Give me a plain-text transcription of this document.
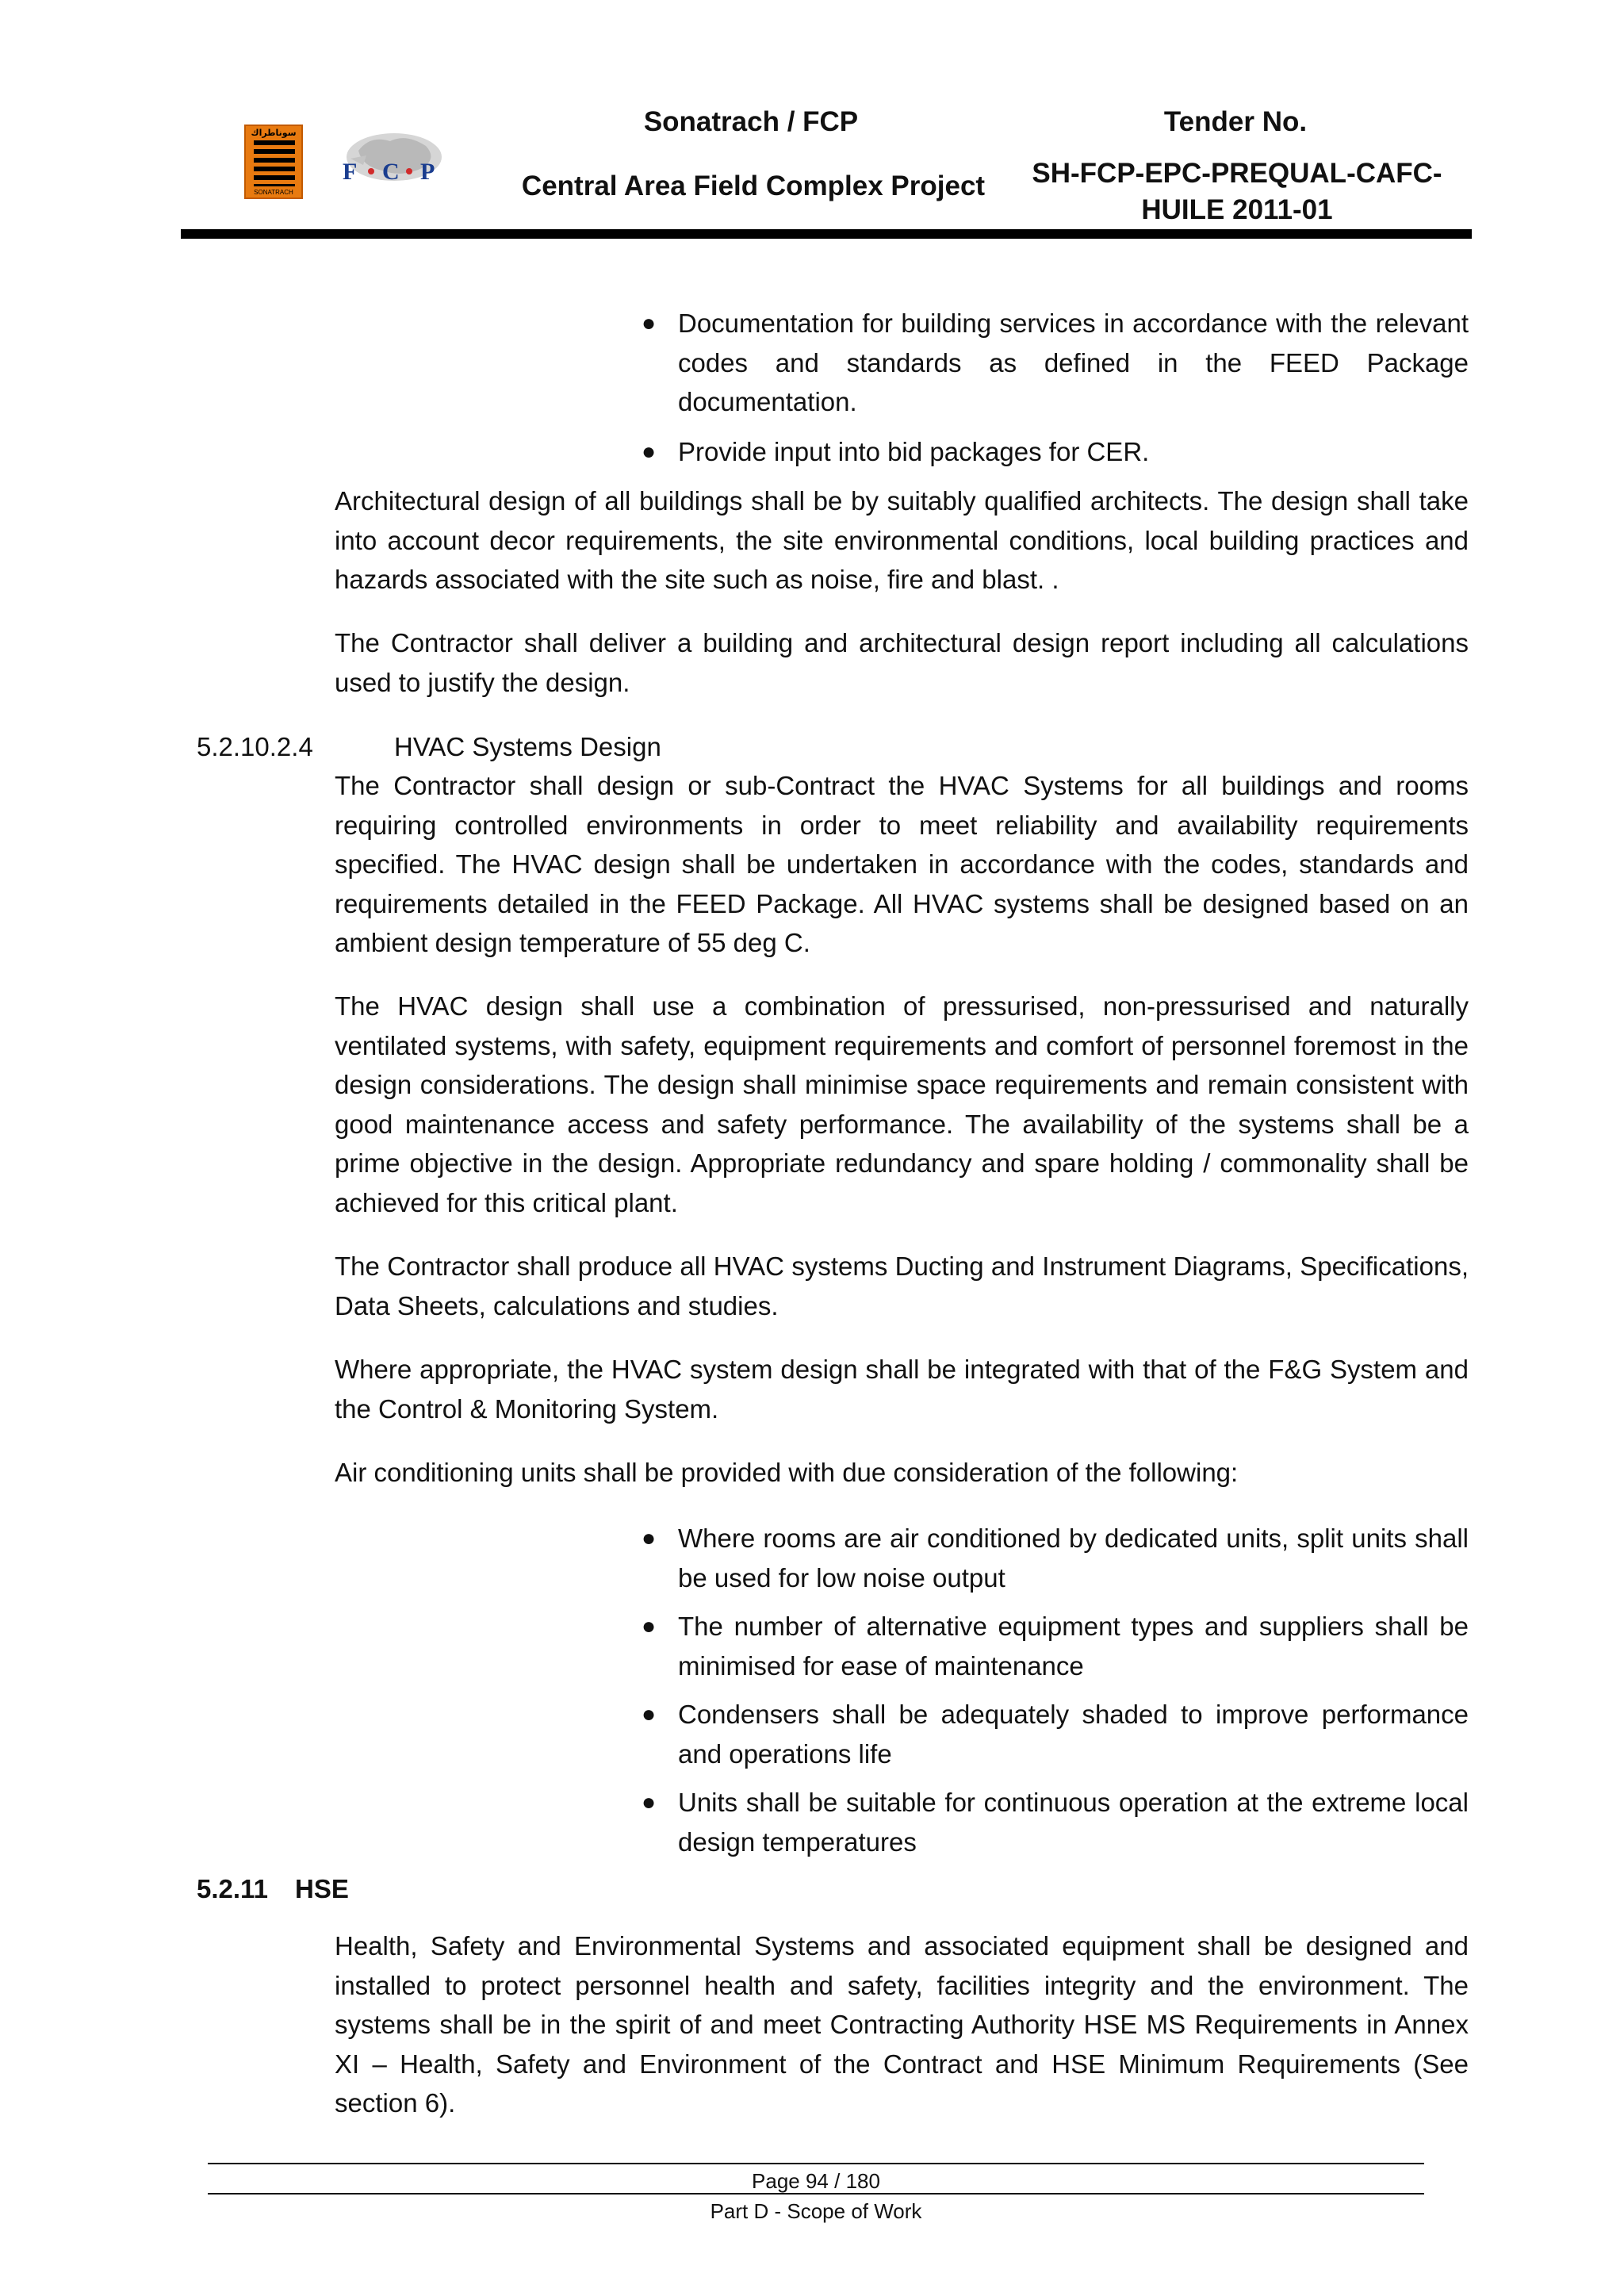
سوناطراك
SONATRACH
F C P
Sonatrach / FCP
Central Area Field Complex Project
Tender No.
SH-FCP-EPC-PREQUAL-CAFC-HUILE 2011-01
● Documentation for building services in accordance with the relevant codes and standards as defined in the FEED Package documentation.
● Provide input into bid packages for CER.
Architectural design of all buildings shall be by suitably qualified architects. The design shall take into account decor requirements, the site environmental conditions, local building practices and hazards associated with the site such as noise, fire and blast. .
The Contractor shall deliver a building and architectural design report including all calculations used to justify the design.
5.2.10.2.4	HVAC Systems Design
The Contractor shall design or sub-Contract the HVAC Systems for all buildings and rooms requiring controlled environments in order to meet reliability and availability requirements specified. The HVAC design shall be undertaken in accordance with the codes, standards and requirements detailed in the FEED Package. All HVAC systems shall be designed based on an ambient design temperature of 55 deg C.
The HVAC design shall use a combination of pressurised, non-pressurised and naturally ventilated systems, with safety, equipment requirements and comfort of personnel foremost in the design considerations. The design shall minimise space requirements and remain consistent with good maintenance access and safety performance. The availability of the systems shall be a prime objective in the design. Appropriate redundancy and spare holding / commonality shall be achieved for this critical plant.
The Contractor shall produce all HVAC systems Ducting and Instrument Diagrams, Specifications, Data Sheets, calculations and studies.
Where appropriate, the HVAC system design shall be integrated with that of the F&G System and the Control & Monitoring System.
Air conditioning units shall be provided with due consideration of the following:
● Where rooms are air conditioned by dedicated units, split units shall be used for low noise output
● The number of alternative equipment types and suppliers shall be minimised for ease of maintenance
● Condensers shall be adequately shaded to improve performance and operations life
● Units shall be suitable for continuous operation at the extreme local design temperatures
5.2.11 HSE
Health, Safety and Environmental Systems and associated equipment shall be designed and installed to protect personnel health and safety, facilities integrity and the environment. The systems shall be in the spirit of and meet Contracting Authority HSE MS Requirements in Annex XI – Health, Safety and Environment of the Contract and HSE Minimum Requirements (See section 6).
Page 94 / 180
Part D - Scope of Work
